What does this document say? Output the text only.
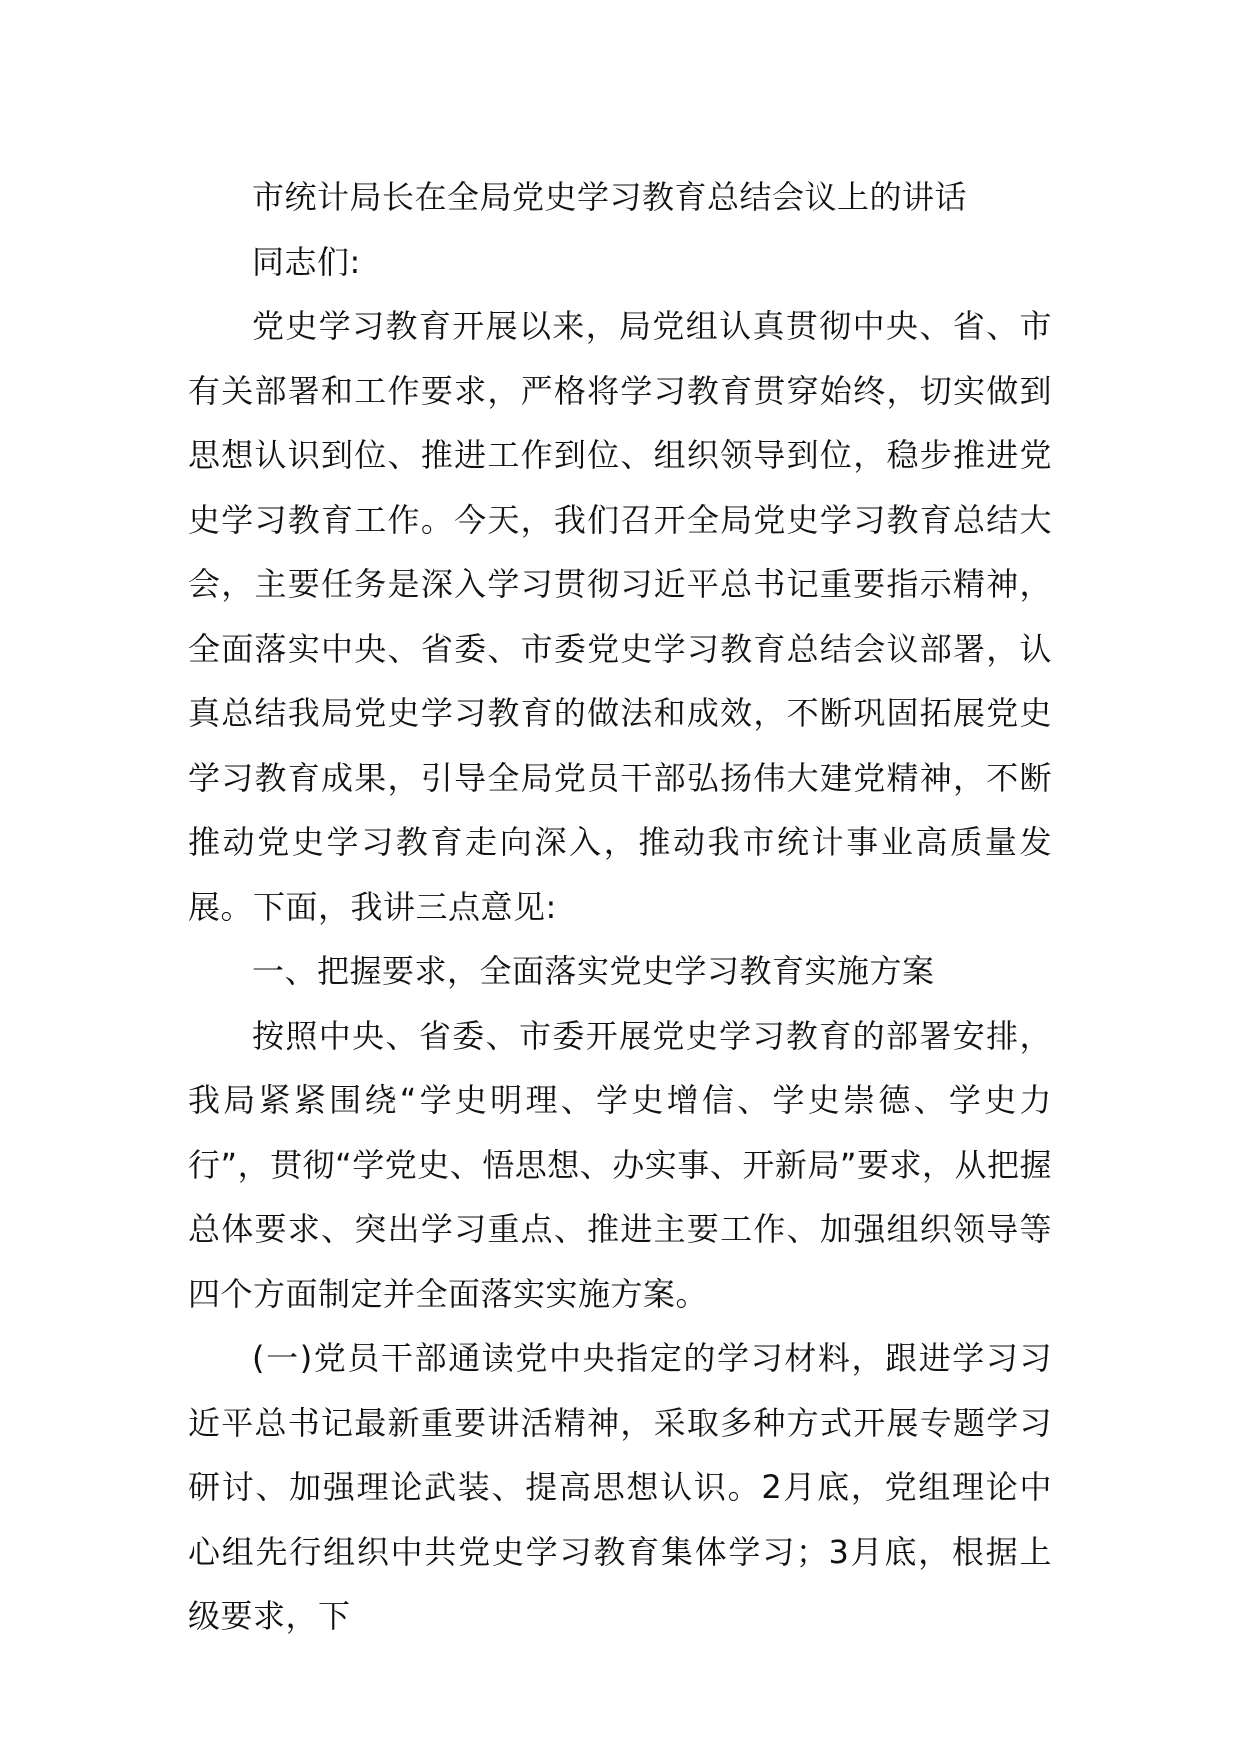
市统计局长在全局党史学习教育总结会议上的讲话

同志们:

党史学习教育开展以来，局党组认真贯彻中央、省、市有关部署和工作要求，严格将学习教育贯穿始终，切实做到思想认识到位、推进工作到位、组织领导到位，稳步推进党史学习教育工作。今天，我们召开全局党史学习教育总结大会，主要任务是深入学习贯彻习近平总书记重要指示精神，全面落实中央、省委、市委党史学习教育总结会议部署，认真总结我局党史学习教育的做法和成效，不断巩固拓展党史学习教育成果，引导全局党员干部弘扬伟大建党精神，不断推动党史学习教育走向深入，推动我市统计事业高质量发展。下面，我讲三点意见:

一、把握要求，全面落实党史学习教育实施方案

按照中央、省委、市委开展党史学习教育的部署安排，我局紧紧围绕“学史明理、学史增信、学史崇德、学史力行”，贯彻“学党史、悟思想、办实事、开新局”要求，从把握总体要求、突出学习重点、推进主要工作、加强组织领导等四个方面制定并全面落实实施方案。

(一)党员干部通读党中央指定的学习材料，跟进学习习近平总书记最新重要讲活精神，采取多种方式开展专题学习研讨、加强理论武装、提高思想认识。2月底，党组理论中心组先行组织中共党史学习教育集体学习；3月底，根据上级要求，下
